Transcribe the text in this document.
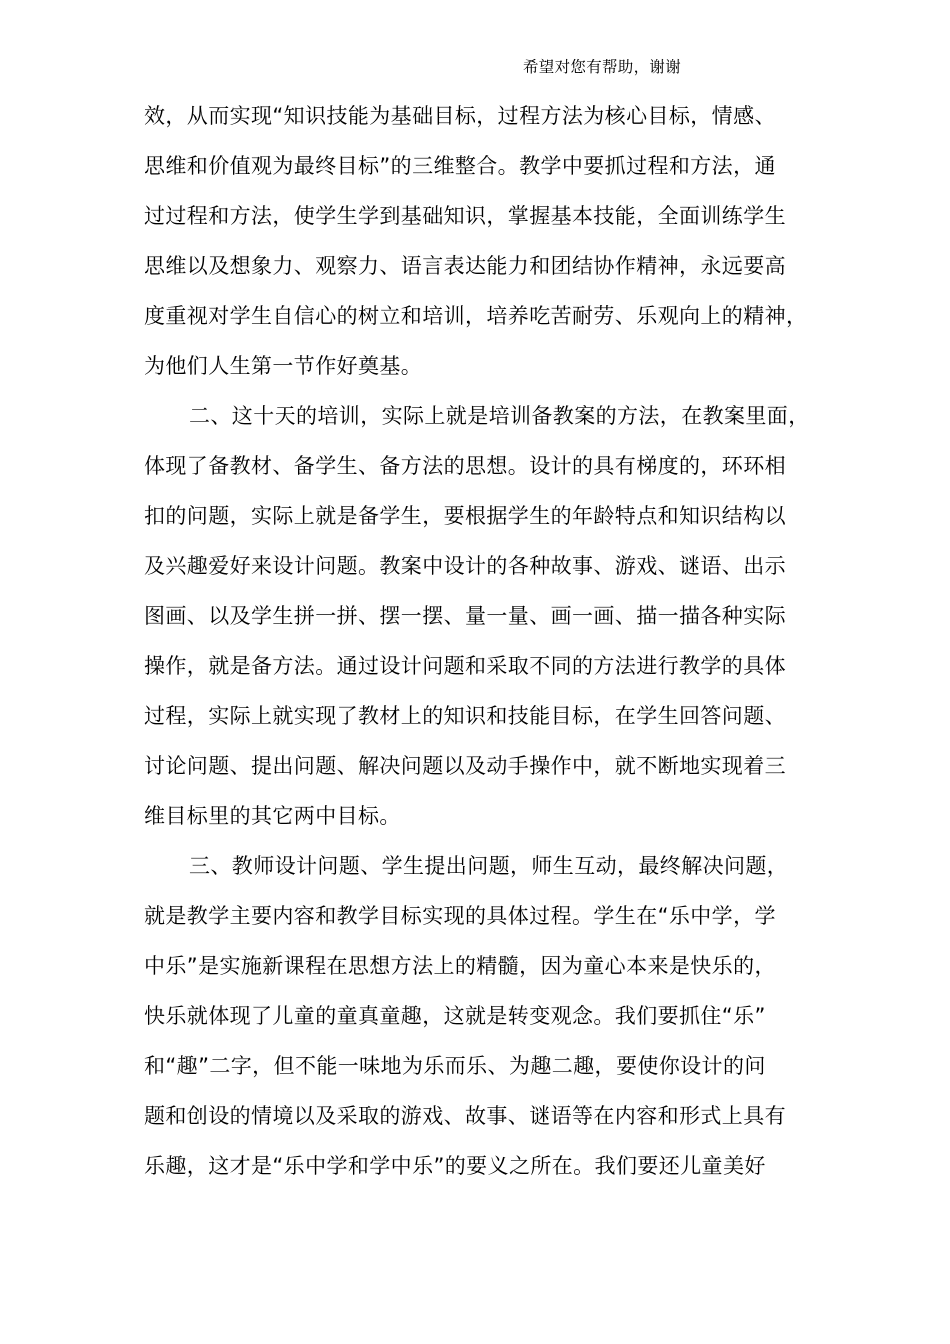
希望对您有帮助，谢谢
效，从而实现“知识技能为基础目标，过程方法为核心目标，情感、
思维和价值观为最终目标”的三维整合。教学中要抓过程和方法，通
过过程和方法，使学生学到基础知识，掌握基本技能，全面训练学生
思维以及想象力、观察力、语言表达能力和团结协作精神，永远要高
度重视对学生自信心的树立和培训，培养吃苦耐劳、乐观向上的精神，
为他们人生第一节作好奠基。
二、这十天的培训，实际上就是培训备教案的方法，在教案里面，
体现了备教材、备学生、备方法的思想。设计的具有梯度的，环环相
扣的问题，实际上就是备学生，要根据学生的年龄特点和知识结构以
及兴趣爱好来设计问题。教案中设计的各种故事、游戏、谜语、出示
图画、以及学生拼一拼、摆一摆、量一量、画一画、描一描各种实际
操作，就是备方法。通过设计问题和采取不同的方法进行教学的具体
过程，实际上就实现了教材上的知识和技能目标，在学生回答问题、
讨论问题、提出问题、解决问题以及动手操作中，就不断地实现着三
维目标里的其它两中目标。
三、教师设计问题、学生提出问题，师生互动，最终解决问题，
就是教学主要内容和教学目标实现的具体过程。学生在“乐中学，学
中乐”是实施新课程在思想方法上的精髓，因为童心本来是快乐的，
快乐就体现了儿童的童真童趣，这就是转变观念。我们要抓住“乐”
和“趣”二字，但不能一味地为乐而乐、为趣二趣，要使你设计的问
题和创设的情境以及采取的游戏、故事、谜语等在内容和形式上具有
乐趣，这才是“乐中学和学中乐”的要义之所在。我们要还儿童美好
